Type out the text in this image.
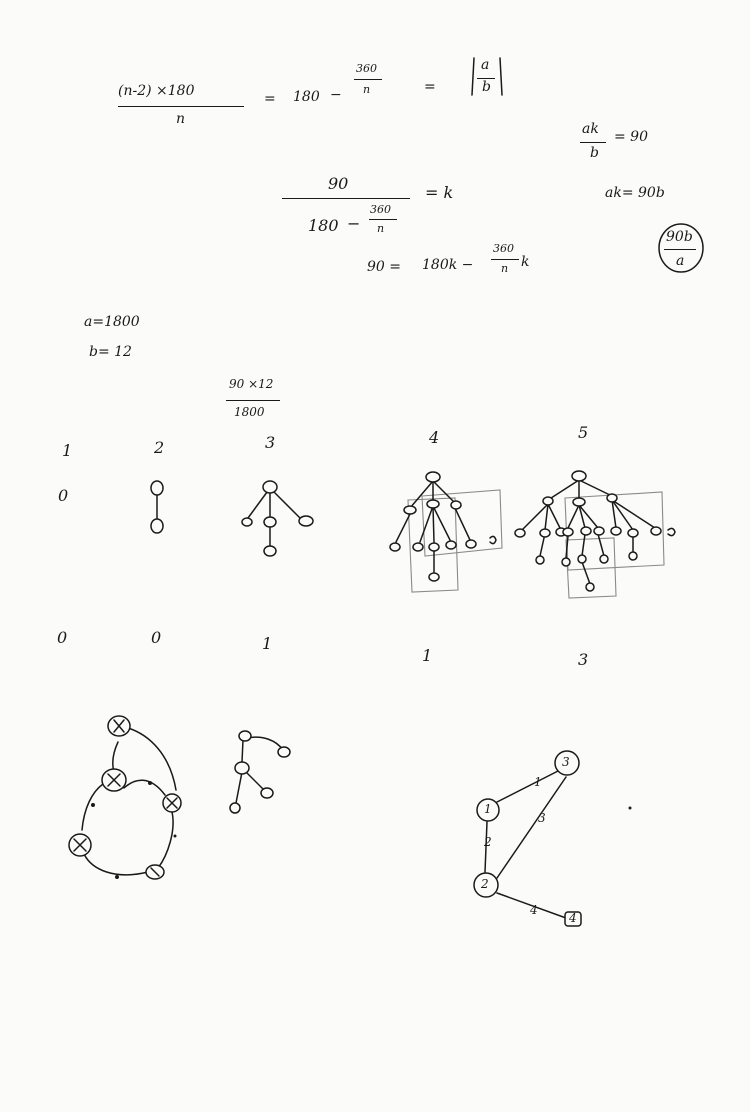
(n-2) ×180
n
= 180 −
360
n	=
a
b
ak
b
= 90
ak= 90b
90b
a
90
180 −
360
n
= k
90 = 180k −
360
n k
a=1800
b= 12
90 ×12
1800
1	2	3	4	5
0	0	1
1	3
0
3
1
2
4
1
2
3
4
